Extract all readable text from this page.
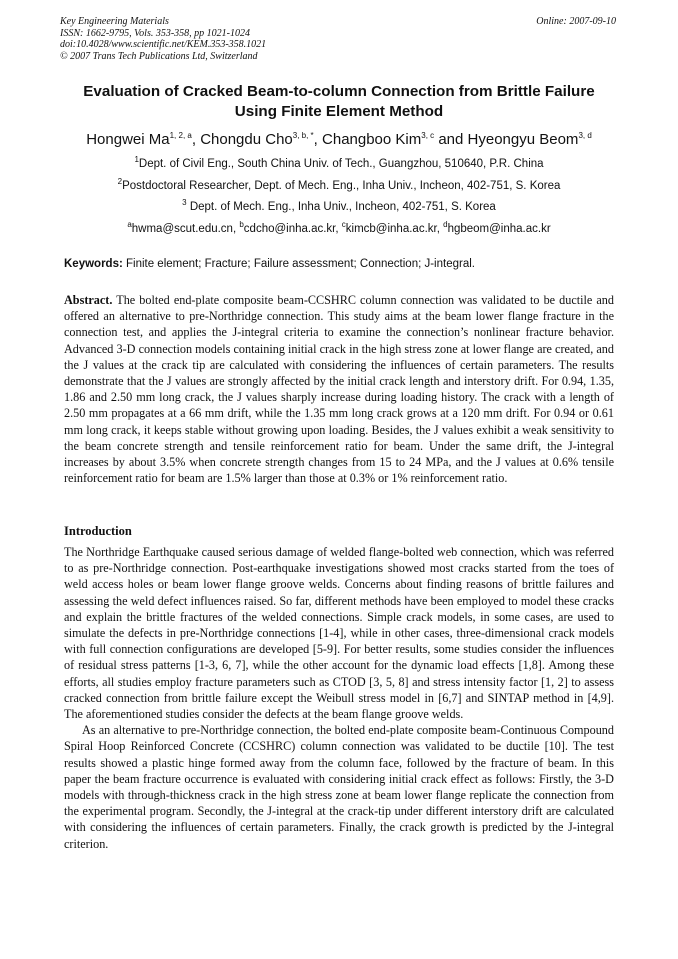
Key Engineering Materials
ISSN: 1662-9795, Vols. 353-358, pp 1021-1024
doi:10.4028/www.scientific.net/KEM.353-358.1021
© 2007 Trans Tech Publications Ltd, Switzerland
Online: 2007-09-10
Evaluation of Cracked Beam-to-column Connection from Brittle Failure
Using Finite Element Method
Hongwei Ma$^{1, 2, a}$, Chongdu Cho$^{3, b, *}$, Changboo Kim$^{3, c}$ and Hyeongyu Beom$^{3, d}$
$^1$Dept. of Civil Eng., South China Univ. of Tech., Guangzhou, 510640, P.R. China
$^2$Postdoctoral Researcher, Dept. of Mech. Eng., Inha Univ., Incheon, 402-751, S. Korea
$^3$ Dept. of Mech. Eng., Inha Univ., Incheon, 402-751, S. Korea
$^a$hwma@scut.edu.cn, $^b$cdcho@inha.ac.kr, $^c$kimcb@inha.ac.kr, $^d$hgbeom@inha.ac.kr
Keywords: Finite element; Fracture; Failure assessment; Connection; J-integral.

Abstract. The bolted end-plate composite beam-CCSHRC column connection was validated to be ductile and offered an alternative to pre-Northridge connection. This study aims at the beam lower flange fracture in the connection test, and applies the J-integral criteria to examine the connection’s nonlinear fracture behavior. Advanced 3-D connection models containing initial crack in the high stress zone at lower flange are created, and the J values at the crack tip are calculated with considering the influences of certain parameters. The results demonstrate that the J values are strongly affected by the initial crack length and interstory drift. For 0.94, 1.35, 1.86 and 2.50 mm long crack, the J values sharply increase during loading history. The crack with a length of 2.50 mm propagates at a 66 mm drift, while the 1.35 mm long crack grows at a 120 mm drift. For 0.94 or 0.61 mm long crack, it keeps stable without growing upon loading. Besides, the J values exhibit a weak sensitivity to the beam concrete strength and tensile reinforcement ratio for beam. Under the same drift, the J-integral increases by about 3.5% when concrete strength changes from 15 to 24 MPa, and the J values at 0.6% tensile reinforcement ratio for beam are 1.5% larger than those at 0.3% or 1% reinforcement ratio.

Introduction

The Northridge Earthquake caused serious damage of welded flange-bolted web connection, which was referred to as pre-Northridge connection. Post-earthquake investigations showed most cracks started from the toes of weld access holes or beam lower flange groove welds. Concerns about finding reasons of brittle failures and assessing the weld defect influences raised. So far, different methods have been employed to model these cracks and explain the brittle fractures of the welded connections. Simple crack models, in some cases, are used to simulate the defects in pre-Northridge connections [1-4], while in other cases, three-dimensional crack models with full connection configurations are developed [5-9]. For better results, some studies consider the influences of residual stress patterns [1-3, 6, 7], while the other account for the dynamic load effects [1,8]. Among these efforts, all studies employ fracture parameters such as CTOD [3, 5, 8] and stress intensity factor [1, 2] to assess cracked connection from brittle failure except the Weibull stress model in [6,7] and SINTAP method in [4,9]. The aforementioned studies consider the defects at the beam flange groove welds.

As an alternative to pre-Northridge connection, the bolted end-plate composite beam-Continuous Compound Spiral Hoop Reinforced Concrete (CCSHRC) column connection was validated to be ductile [10]. The test results showed a plastic hinge formed away from the column face, followed by the fracture of beam. In this paper the beam fracture occurrence is evaluated with considering initial crack effect as follows: Firstly, the 3-D models with through-thickness crack in the high stress zone at beam lower flange replicate the connection from the experimental program. Secondly, the J-integral at the crack-tip under different interstory drift are calculated with considering the influences of certain parameters. Finally, the crack growth is predicted by the J-integral criterion.
